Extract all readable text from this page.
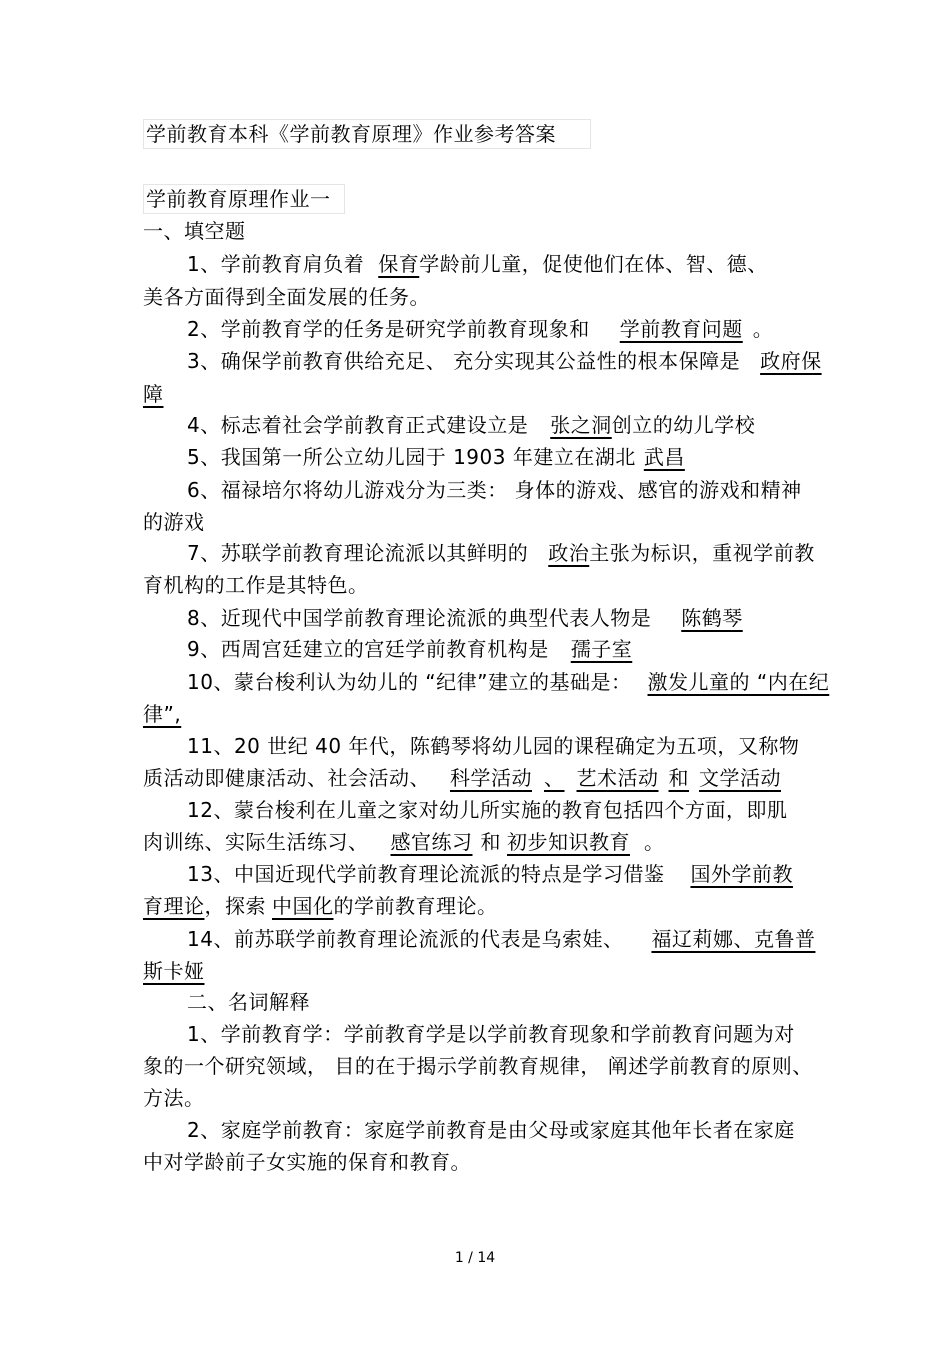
学前教育本科《学前教育原理》作业参考答案
学前教育原理作业一
一、填空题
1、学前教育肩负着 保育学龄前儿童，促使他们在体、智、德、
美各方面得到全面发展的任务。
2、学前教育学的任务是研究学前教育现象和 学前教育问题 。
3、确保学前教育供给充足、 充分实现其公益性的根本保障是 政府保
障
4、标志着社会学前教育正式建设立是 张之洞创立的幼儿学校
5、我国第一所公立幼儿园于 1903 年建立在湖北 武昌
6、福禄培尔将幼儿游戏分为三类： 身体的游戏、感官的游戏和精神
的游戏
7、苏联学前教育理论流派以其鲜明的 政治主张为标识，重视学前教
育机构的工作是其特色。
8、近现代中国学前教育理论流派的典型代表人物是 陈鹤琴
9、西周宫廷建立的宫廷学前教育机构是 孺子室
10、蒙台梭利认为幼儿的 “纪律”建立的基础是： 激发儿童的 “内在纪
律”,
11、20 世纪 40 年代，陈鹤琴将幼儿园的课程确定为五项，又称物
质活动即健康活动、社会活动、 科学活动 、 艺术活动 和 文学活动
12、蒙台梭利在儿童之家对幼儿所实施的教育包括四个方面，即肌
肉训练、实际生活练习、 感官练习 和 初步知识教育 。
13、中国近现代学前教育理论流派的特点是学习借鉴 国外学前教
育理论，探索 中国化的学前教育理论。
14、前苏联学前教育理论流派的代表是乌索娃、 福辽莉娜、克鲁普
斯卡娅
二、名词解释
1、学前教育学：学前教育学是以学前教育现象和学前教育问题为对
象的一个研究领域， 目的在于揭示学前教育规律， 阐述学前教育的原则、
方法。
2、家庭学前教育：家庭学前教育是由父母或家庭其他年长者在家庭
中对学龄前子女实施的保育和教育。
1 / 14
